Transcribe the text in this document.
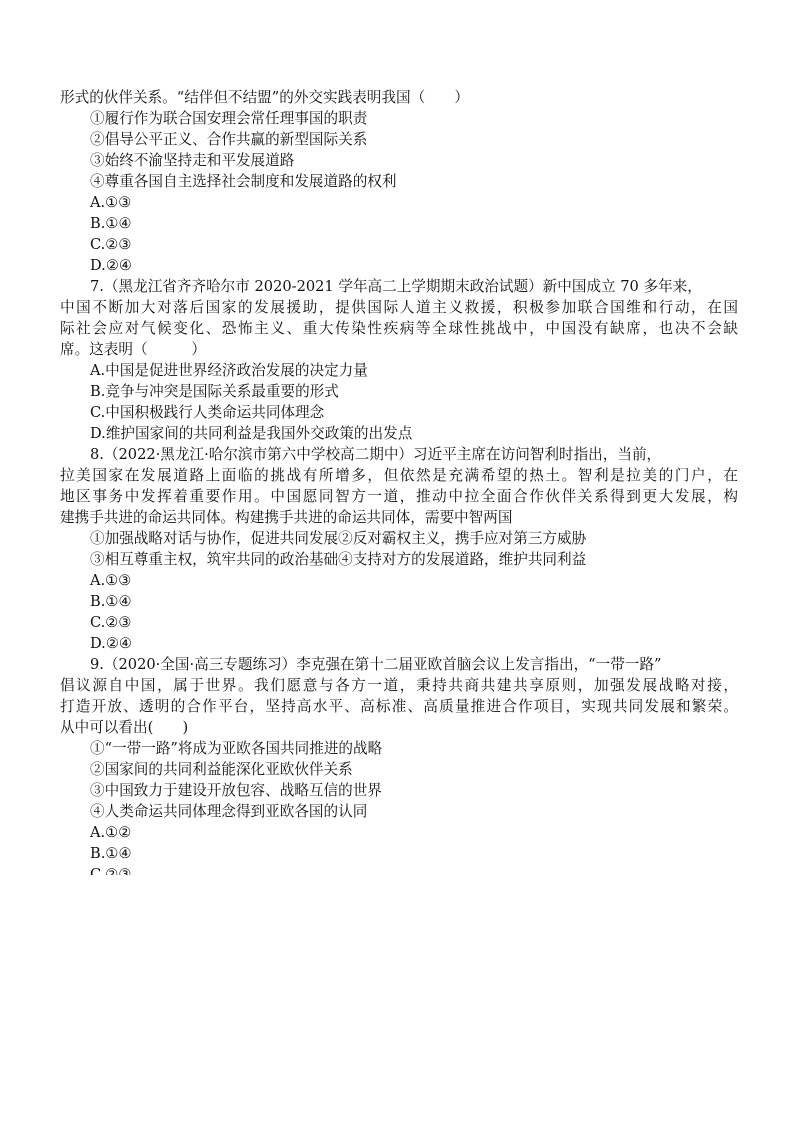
形式的伙伴关系。“结伴但不结盟”的外交实践表明我国（　　）
①履行作为联合国安理会常任理事国的职责
②倡导公平正义、合作共赢的新型国际关系
③始终不渝坚持走和平发展道路
④尊重各国自主选择社会制度和发展道路的权利
A.①③
B.①④
C.②③
D.②④
7.（黑龙江省齐齐哈尔市 2020-2021 学年高二上学期期末政治试题）新中国成立 70 多年来，
中国不断加大对落后国家的发展援助，提供国际人道主义救援，积极参加联合国维和行动，在国
际社会应对气候变化、恐怖主义、重大传染性疾病等全球性挑战中，中国没有缺席，也决不会缺
席。这表明（　　　）
A.中国是促进世界经济政治发展的决定力量
B.竞争与冲突是国际关系最重要的形式
C.中国积极践行人类命运共同体理念
D.维护国家间的共同利益是我国外交政策的出发点
8.（2022·黑龙江·哈尔滨市第六中学校高二期中）习近平主席在访问智利时指出，当前，
拉美国家在发展道路上面临的挑战有所增多，但依然是充满希望的热土。智利是拉美的门户，在
地区事务中发挥着重要作用。中国愿同智方一道，推动中拉全面合作伙伴关系得到更大发展，构
建携手共进的命运共同体。构建携手共进的命运共同体，需要中智两国
①加强战略对话与协作，促进共同发展②反对霸权主义，携手应对第三方威胁
③相互尊重主权，筑牢共同的政治基础④支持对方的发展道路，维护共同利益
A.①③
B.①④
C.②③
D.②④
9.（2020·全国·高三专题练习）李克强在第十二届亚欧首脑会议上发言指出，“一带一路”
倡议源自中国，属于世界。我们愿意与各方一道，秉持共商共建共享原则，加强发展战略对接，
打造开放、透明的合作平台，坚持高水平、高标准、高质量推进合作项目，实现共同发展和繁荣。
从中可以看出(　　)
①“一带一路”将成为亚欧各国共同推进的战略
②国家间的共同利益能深化亚欧伙伴关系
③中国致力于建设开放包容、战略互信的世界
④人类命运共同体理念得到亚欧各国的认同
A.①②
B.①④
